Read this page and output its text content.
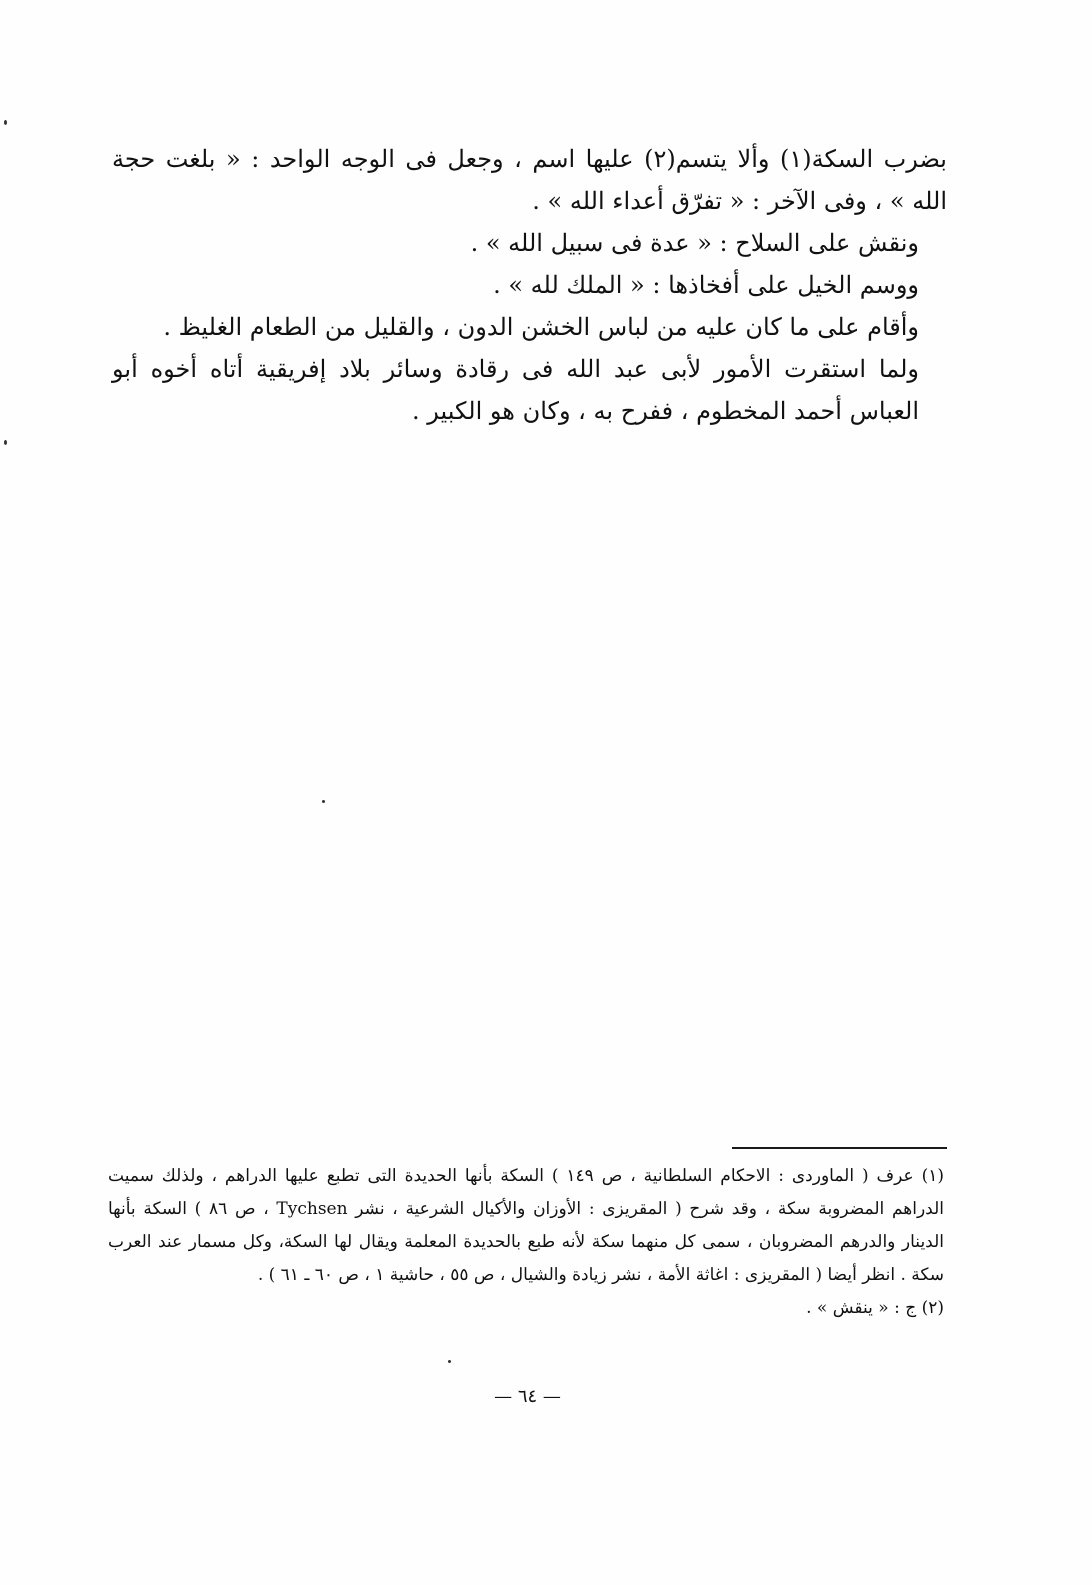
بضرب السكة(١) وألا يتسم(٢) عليها اسم ، وجعل فى الوجه الواحد : « بلغت حجة الله » ، وفى الآخر : « تفرّق أعداء الله » .

ونقش على السلاح : « عدة فى سبيل الله » .

ووسم الخيل على أفخاذها : « الملك لله » .

وأقام على ما كان عليه من لباس الخشن الدون ، والقليل من الطعام الغليظ .

ولما استقرت الأمور لأبى عبد الله فى رقادة وسائر بلاد إفريقية أتاه أخوه أبو العباس أحمد المخطوم ، ففرح به ، وكان هو الكبير .

(١) عرف ( الماوردى : الاحكام السلطانية ، ص ١٤٩ ) السكة بأنها الحديدة التى تطبع عليها الدراهم ، ولذلك سميت الدراهم المضروبة سكة ، وقد شرح ( المقريزى : الأوزان والأكيال الشرعية ، نشر Tychsen ، ص ٨٦ ) السكة بأنها الدينار والدرهم المضروبان ، سمى كل منهما سكة لأنه طبع بالحديدة المعلمة ويقال لها السكة، وكل مسمار عند العرب سكة . انظر أيضا ( المقريزى : اغاثة الأمة ، نشر زيادة والشيال ، ص ٥٥ ، حاشية ١ ، ص ٦٠ ـ ٦١ ) .

(٢) ج : « ينقش » .

— ٦٤ —
